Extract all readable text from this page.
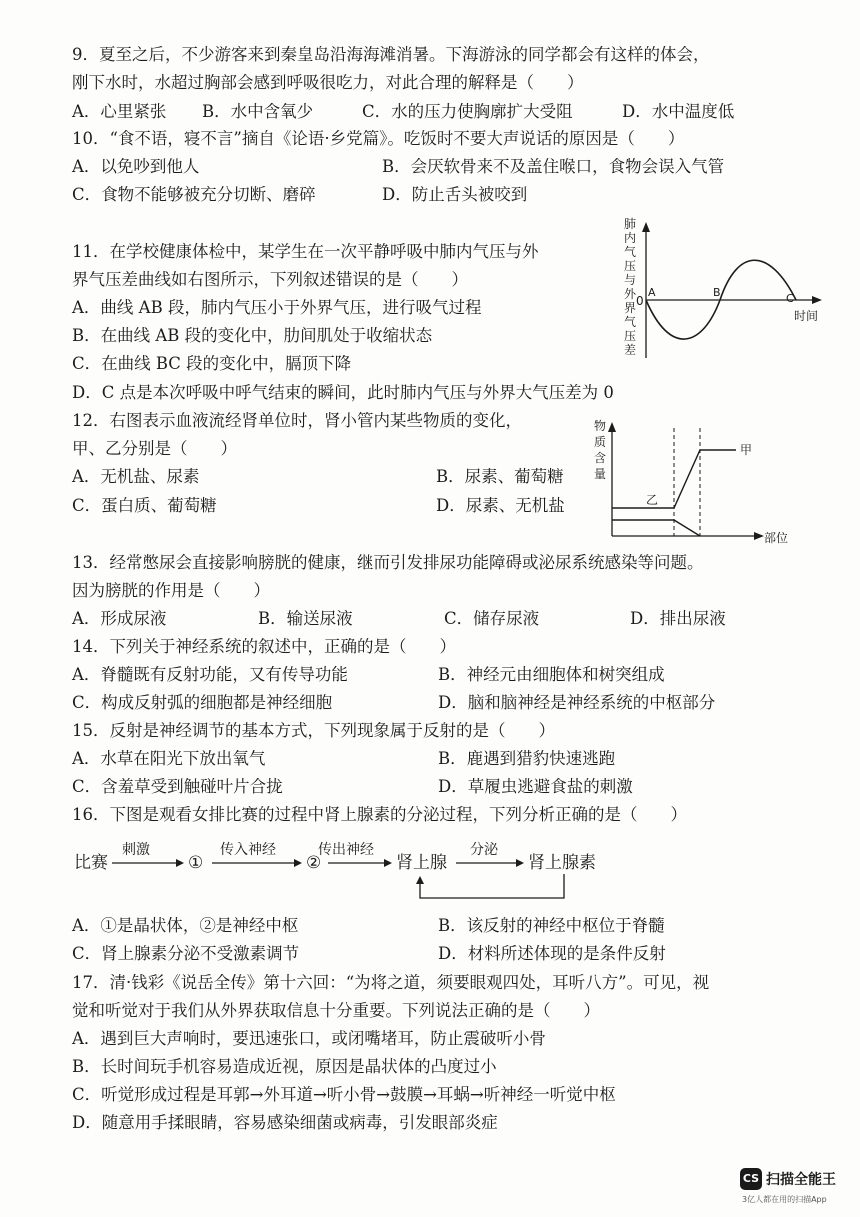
9．夏至之后，不少游客来到秦皇岛沿海海滩消暑。下海游泳的同学都会有这样的体会，
刚下水时，水超过胸部会感到呼吸很吃力，对此合理的解释是（　　）
A．心里紧张 B．水中含氧少	C．水的压力使胸廓扩大受阻	D．水中温度低
10．“食不语，寝不言”摘自《论语·乡党篇》。吃饭时不要大声说话的原因是（　　）
A．以免吵到他人	B．会厌软骨来不及盖住喉口，食物会误入气管
C．食物不能够被充分切断、磨碎	D．防止舌头被咬到
肺 内 气 压 与 外 界 气 压 差
0
A	B	C
时间
11．在学校健康体检中，某学生在一次平静呼吸中肺内气压与外
界气压差曲线如右图所示，下列叙述错误的是（　　）
A．曲线 AB 段，肺内气压小于外界气压，进行吸气过程
B．在曲线 AB 段的变化中，肋间肌处于收缩状态
C．在曲线 BC 段的变化中，膈顶下降
D．C 点是本次呼吸中呼气结束的瞬间，此时肺内气压与外界大气压差为 0
物 质 含 量
部位
甲
乙
12．右图表示血液流经肾单位时，肾小管内某些物质的变化，
甲、乙分别是（　　）
A．无机盐、尿素	B．尿素、葡萄糖
C．蛋白质、葡萄糖	D．尿素、无机盐
13．经常憋尿会直接影响膀胱的健康，继而引发排尿功能障碍或泌尿系统感染等问题。
因为膀胱的作用是（　　）
A．形成尿液	B．输送尿液	C．储存尿液	D．排出尿液
14．下列关于神经系统的叙述中，正确的是（　　）
A．脊髓既有反射功能，又有传导功能	B．神经元由细胞体和树突组成
C．构成反射弧的细胞都是神经细胞	D．脑和脑神经是神经系统的中枢部分
15．反射是神经调节的基本方式，下列现象属于反射的是（　　）
A．水草在阳光下放出氧气	B．鹿遇到猎豹快速逃跑
C．含羞草受到触碰叶片合拢	D．草履虫逃避食盐的刺激
16．下图是观看女排比赛的过程中肾上腺素的分泌过程，下列分析正确的是（　　）
比赛
刺激
①
传入神经
②
传出神经
肾上腺
分泌
肾上腺素
A．①是晶状体，②是神经中枢	B．该反射的神经中枢位于脊髓
C．肾上腺素分泌不受激素调节	D．材料所述体现的是条件反射
17．清·钱彩《说岳全传》第十六回：“为将之道，须要眼观四处，耳听八方”。可见，视
觉和听觉对于我们从外界获取信息十分重要。下列说法正确的是（　　）
A．遇到巨大声响时，要迅速张口，或闭嘴堵耳，防止震破听小骨
B．长时间玩手机容易造成近视，原因是晶状体的凸度过小
C．听觉形成过程是耳郭→外耳道→听小骨→鼓膜→耳蜗→听神经一听觉中枢
D．随意用手揉眼睛，容易感染细菌或病毒，引发眼部炎症
CS 扫描全能王
3亿人都在用的扫描App
